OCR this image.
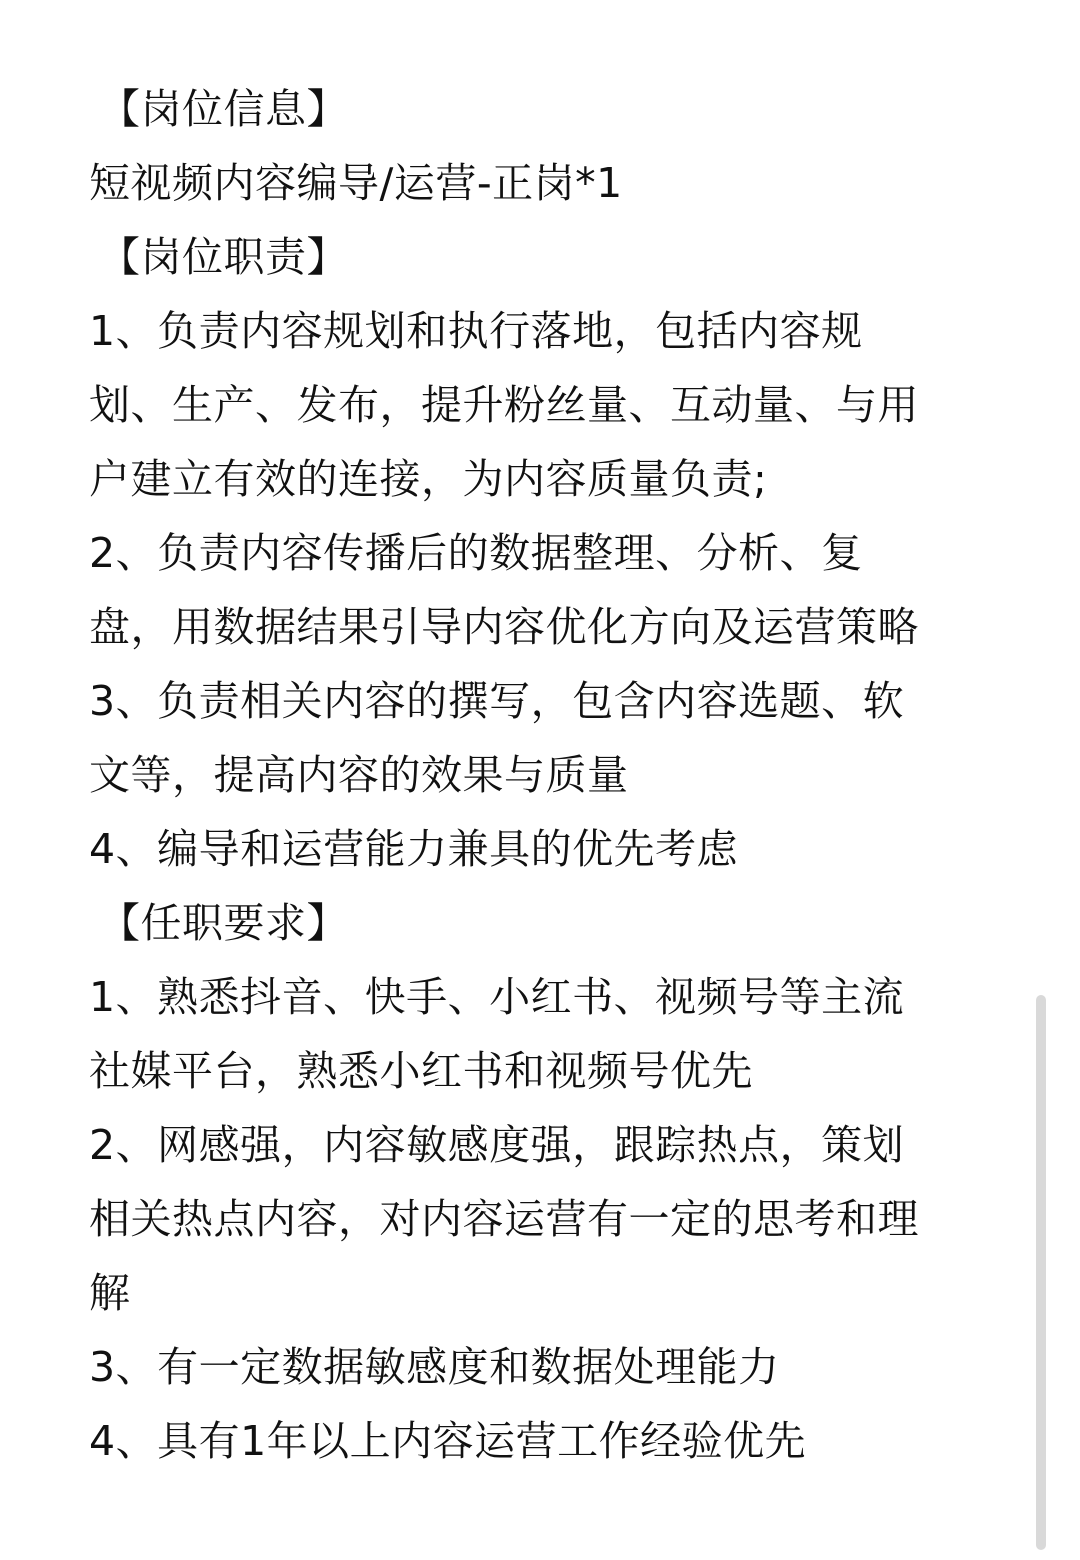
【岗位信息】
短视频内容编导/运营-正岗*1
【岗位职责】
1、负责内容规划和执行落地，包括内容规
划、生产、发布，提升粉丝量、互动量、与用
户建立有效的连接，为内容质量负责;
2、负责内容传播后的数据整理、分析、复
盘，用数据结果引导内容优化方向及运营策略
3、负责相关内容的撰写，包含内容选题、软
文等，提高内容的效果与质量
4、编导和运营能力兼具的优先考虑
【任职要求】
1、熟悉抖音、快手、小红书、视频号等主流
社媒平台，熟悉小红书和视频号优先
2、网感强，内容敏感度强，跟踪热点，策划
相关热点内容，对内容运营有一定的思考和理
解
3、有一定数据敏感度和数据处理能力
4、具有1年以上内容运营工作经验优先
